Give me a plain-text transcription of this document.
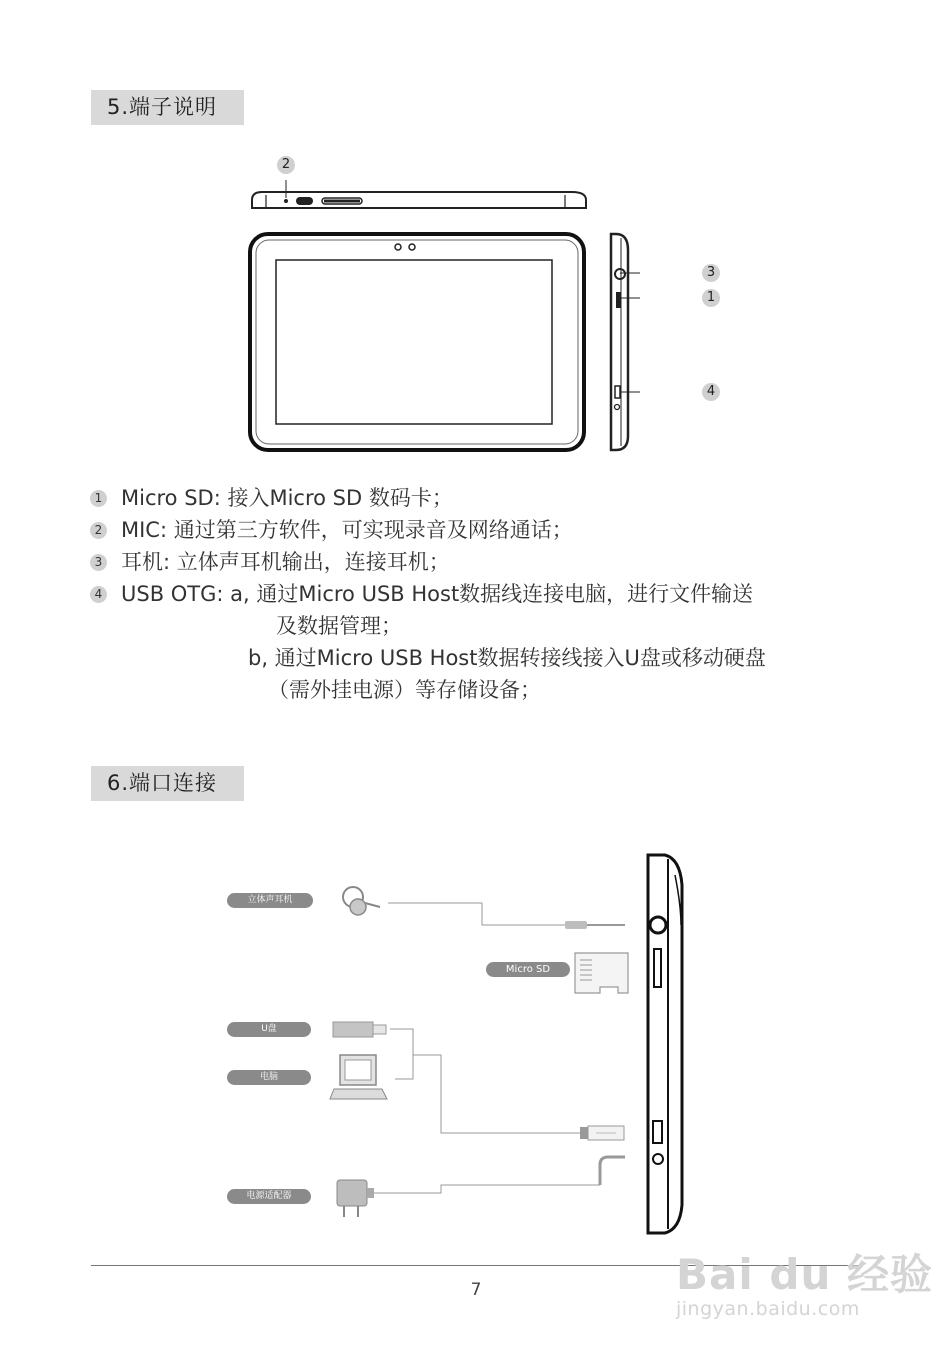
5.端子说明
2
3
1
4
1 Micro SD: 接入Micro SD 数码卡；
2 MIC: 通过第三方软件，可实现录音及网络通话；
3 耳机: 立体声耳机输出，连接耳机；
4 USB OTG: a, 通过Micro USB Host数据线连接电脑，进行文件输送
及数据管理；
b, 通过Micro USB Host数据转接线接入U盘或移动硬盘
（需外挂电源）等存储设备；
6.端口连接
立体声耳机
Micro SD
U盘
电脑
电源适配器
7	Bai du 经验
jingyan.baidu.com
